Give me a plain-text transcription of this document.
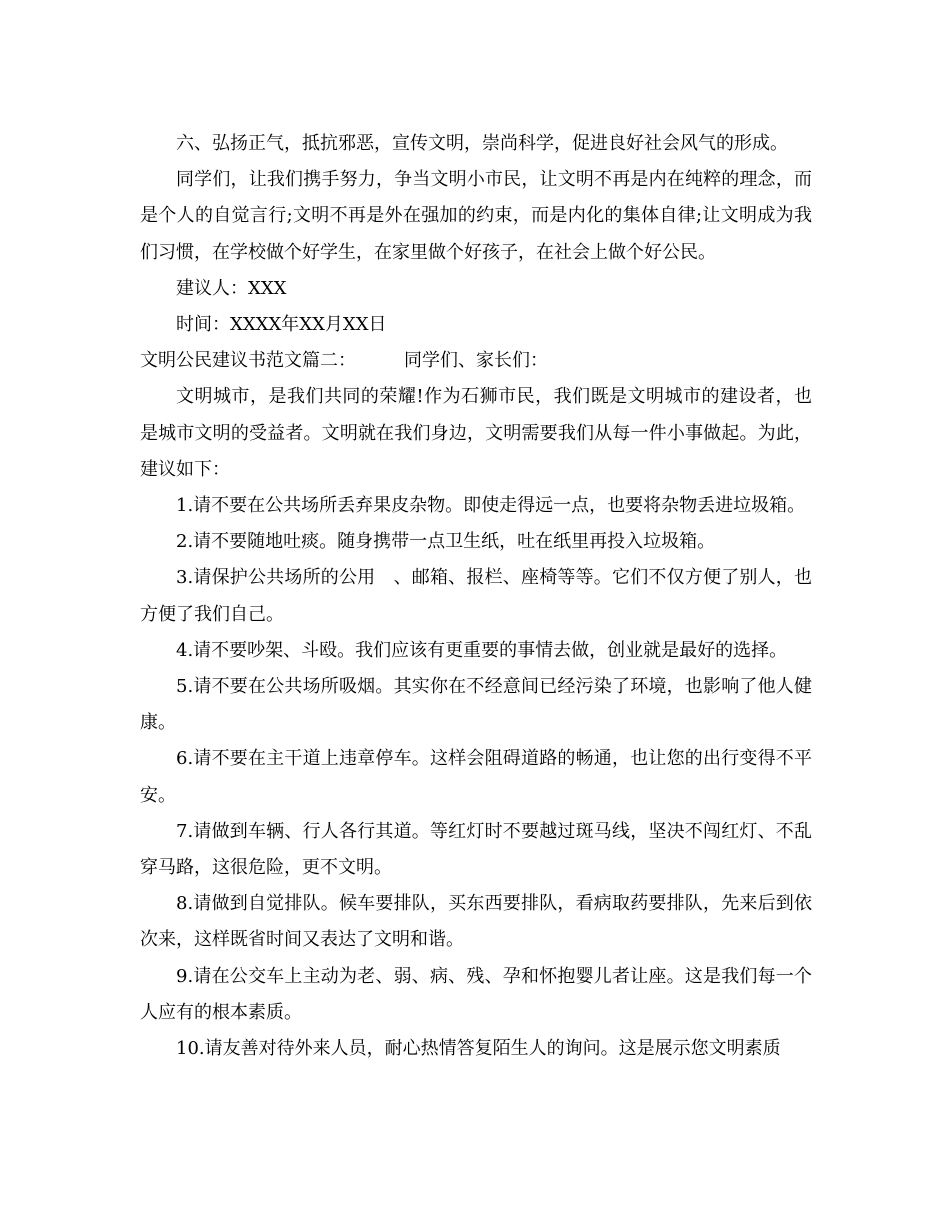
六、弘扬正气，抵抗邪恶，宣传文明，崇尚科学，促进良好社会风气的形成。

同学们，让我们携手努力，争当文明小市民，让文明不再是内在纯粹的理念，而是个人的自觉言行;文明不再是外在强加的约束，而是内化的集体自律;让文明成为我们习惯，在学校做个好学生，在家里做个好孩子，在社会上做个好公民。

建议人：XXX

时间：XXXX年XX月XX日

文明公民建议书范文篇二：	同学们、家长们：

文明城市，是我们共同的荣耀!作为石狮市民，我们既是文明城市的建设者，也是城市文明的受益者。文明就在我们身边，文明需要我们从每一件小事做起。为此，建议如下：

1.请不要在公共场所丢弃果皮杂物。即使走得远一点，也要将杂物丢进垃圾箱。

2.请不要随地吐痰。随身携带一点卫生纸，吐在纸里再投入垃圾箱。

3.请保护公共场所的公用　、邮箱、报栏、座椅等等。它们不仅方便了别人，也方便了我们自己。

4.请不要吵架、斗殴。我们应该有更重要的事情去做，创业就是最好的选择。

5.请不要在公共场所吸烟。其实你在不经意间已经污染了环境，也影响了他人健康。

6.请不要在主干道上违章停车。这样会阻碍道路的畅通，也让您的出行变得不平安。

7.请做到车辆、行人各行其道。等红灯时不要越过斑马线，坚决不闯红灯、不乱穿马路，这很危险，更不文明。

8.请做到自觉排队。候车要排队，买东西要排队，看病取药要排队，先来后到依次来，这样既省时间又表达了文明和谐。

9.请在公交车上主动为老、弱、病、残、孕和怀抱婴儿者让座。这是我们每一个人应有的根本素质。

10.请友善对待外来人员，耐心热情答复陌生人的询问。这是展示您文明素质
